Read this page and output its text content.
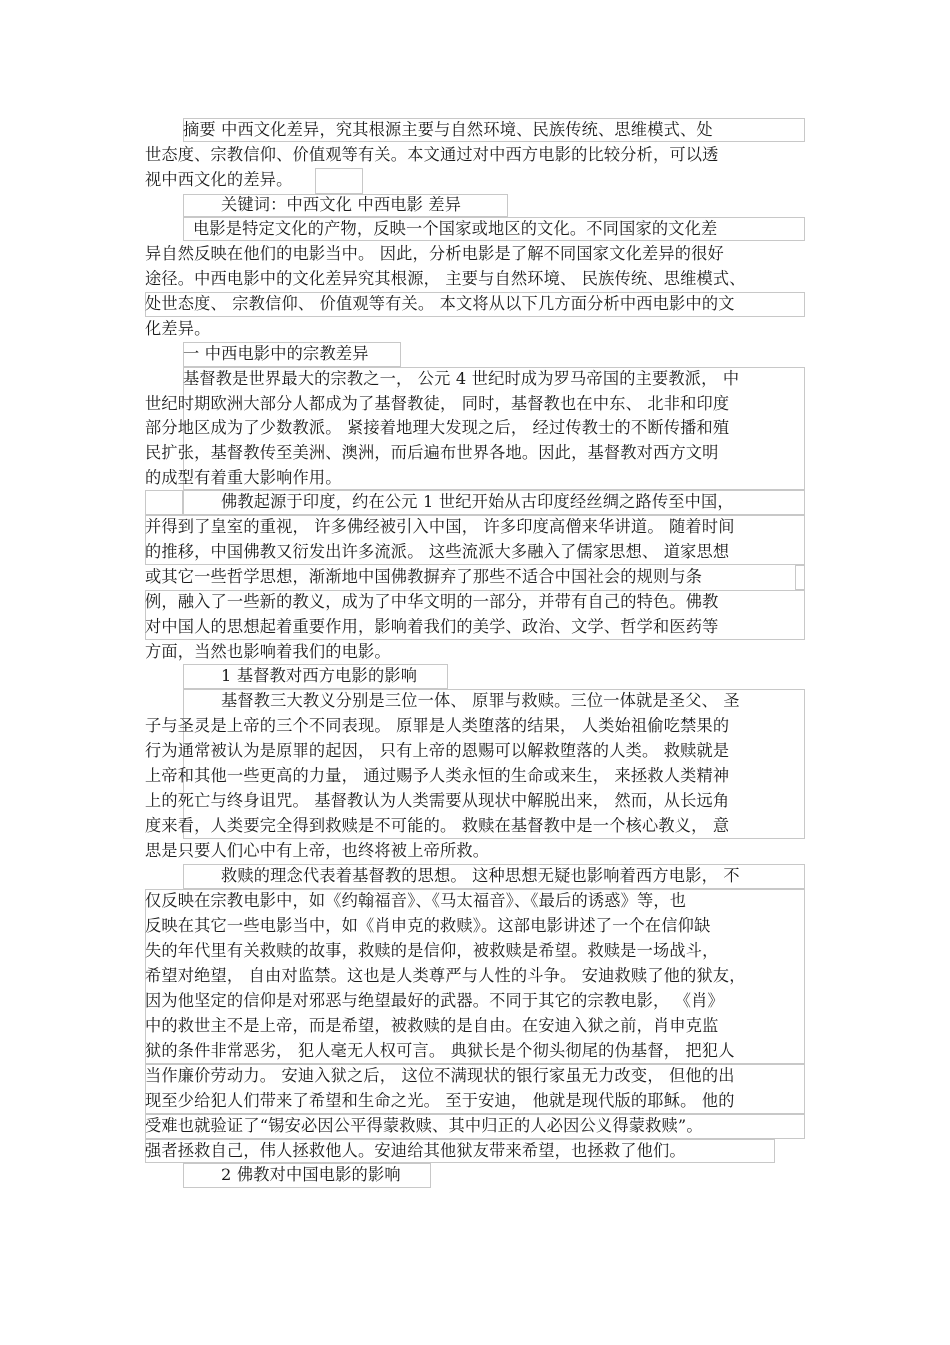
摘要 中西文化差异，究其根源主要与自然环境、民族传统、思维模式、处
世态度、宗教信仰、价值观等有关。本文通过对中西方电影的比较分析，可以透
视中西文化的差异。
关键词：中西文化 中西电影 差异
电影是特定文化的产物，反映一个国家或地区的文化。不同国家的文化差
异自然反映在他们的电影当中。 因此，分析电影是了解不同国家文化差异的很好
途径。中西电影中的文化差异究其根源， 主要与自然环境、 民族传统、思维模式、
处世态度、 宗教信仰、 价值观等有关。 本文将从以下几方面分析中西电影中的文
化差异。
一 中西电影中的宗教差异
基督教是世界最大的宗教之一， 公元 4 世纪时成为罗马帝国的主要教派， 中
世纪时期欧洲大部分人都成为了基督教徒， 同时，基督教也在中东、 北非和印度
部分地区成为了少数教派。 紧接着地理大发现之后， 经过传教士的不断传播和殖
民扩张，基督教传至美洲、澳洲，而后遍布世界各地。因此，基督教对西方文明
的成型有着重大影响作用。
佛教起源于印度，约在公元 1 世纪开始从古印度经丝绸之路传至中国，
并得到了皇室的重视， 许多佛经被引入中国， 许多印度高僧来华讲道。 随着时间
的推移，中国佛教又衍发出许多流派。 这些流派大多融入了儒家思想、 道家思想
或其它一些哲学思想，渐渐地中国佛教摒弃了那些不适合中国社会的规则与条
例，融入了一些新的教义，成为了中华文明的一部分，并带有自己的特色。佛教
对中国人的思想起着重要作用，影响着我们的美学、政治、文学、哲学和医药等
方面，当然也影响着我们的电影。
1 基督教对西方电影的影响
基督教三大教义分别是三位一体、 原罪与救赎。三位一体就是圣父、 圣
子与圣灵是上帝的三个不同表现。 原罪是人类堕落的结果， 人类始祖偷吃禁果的
行为通常被认为是原罪的起因， 只有上帝的恩赐可以解救堕落的人类。 救赎就是
上帝和其他一些更高的力量， 通过赐予人类永恒的生命或来生， 来拯救人类精神
上的死亡与终身诅咒。 基督教认为人类需要从现状中解脱出来， 然而，从长远角
度来看，人类要完全得到救赎是不可能的。 救赎在基督教中是一个核心教义， 意
思是只要人们心中有上帝，也终将被上帝所救。
救赎的理念代表着基督教的思想。 这种思想无疑也影响着西方电影， 不
仅反映在宗教电影中，如《约翰福音》、《马太福音》、《最后的诱惑》等，也
反映在其它一些电影当中，如《肖申克的救赎》。这部电影讲述了一个在信仰缺
失的年代里有关救赎的故事，救赎的是信仰，被救赎是希望。救赎是一场战斗，
希望对绝望， 自由对监禁。这也是人类尊严与人性的斗争。 安迪救赎了他的狱友，
因为他坚定的信仰是对邪恶与绝望最好的武器。不同于其它的宗教电影， 《肖》
中的救世主不是上帝，而是希望，被救赎的是自由。在安迪入狱之前，肖申克监
狱的条件非常恶劣， 犯人毫无人权可言。 典狱长是个彻头彻尾的伪基督， 把犯人
当作廉价劳动力。 安迪入狱之后， 这位不满现状的银行家虽无力改变， 但他的出
现至少给犯人们带来了希望和生命之光。 至于安迪， 他就是现代版的耶稣。 他的
受难也就验证了“锡安必因公平得蒙救赎、其中归正的人必因公义得蒙救赎”。
强者拯救自己，伟人拯救他人。安迪给其他狱友带来希望，也拯救了他们。
2 佛教对中国电影的影响
